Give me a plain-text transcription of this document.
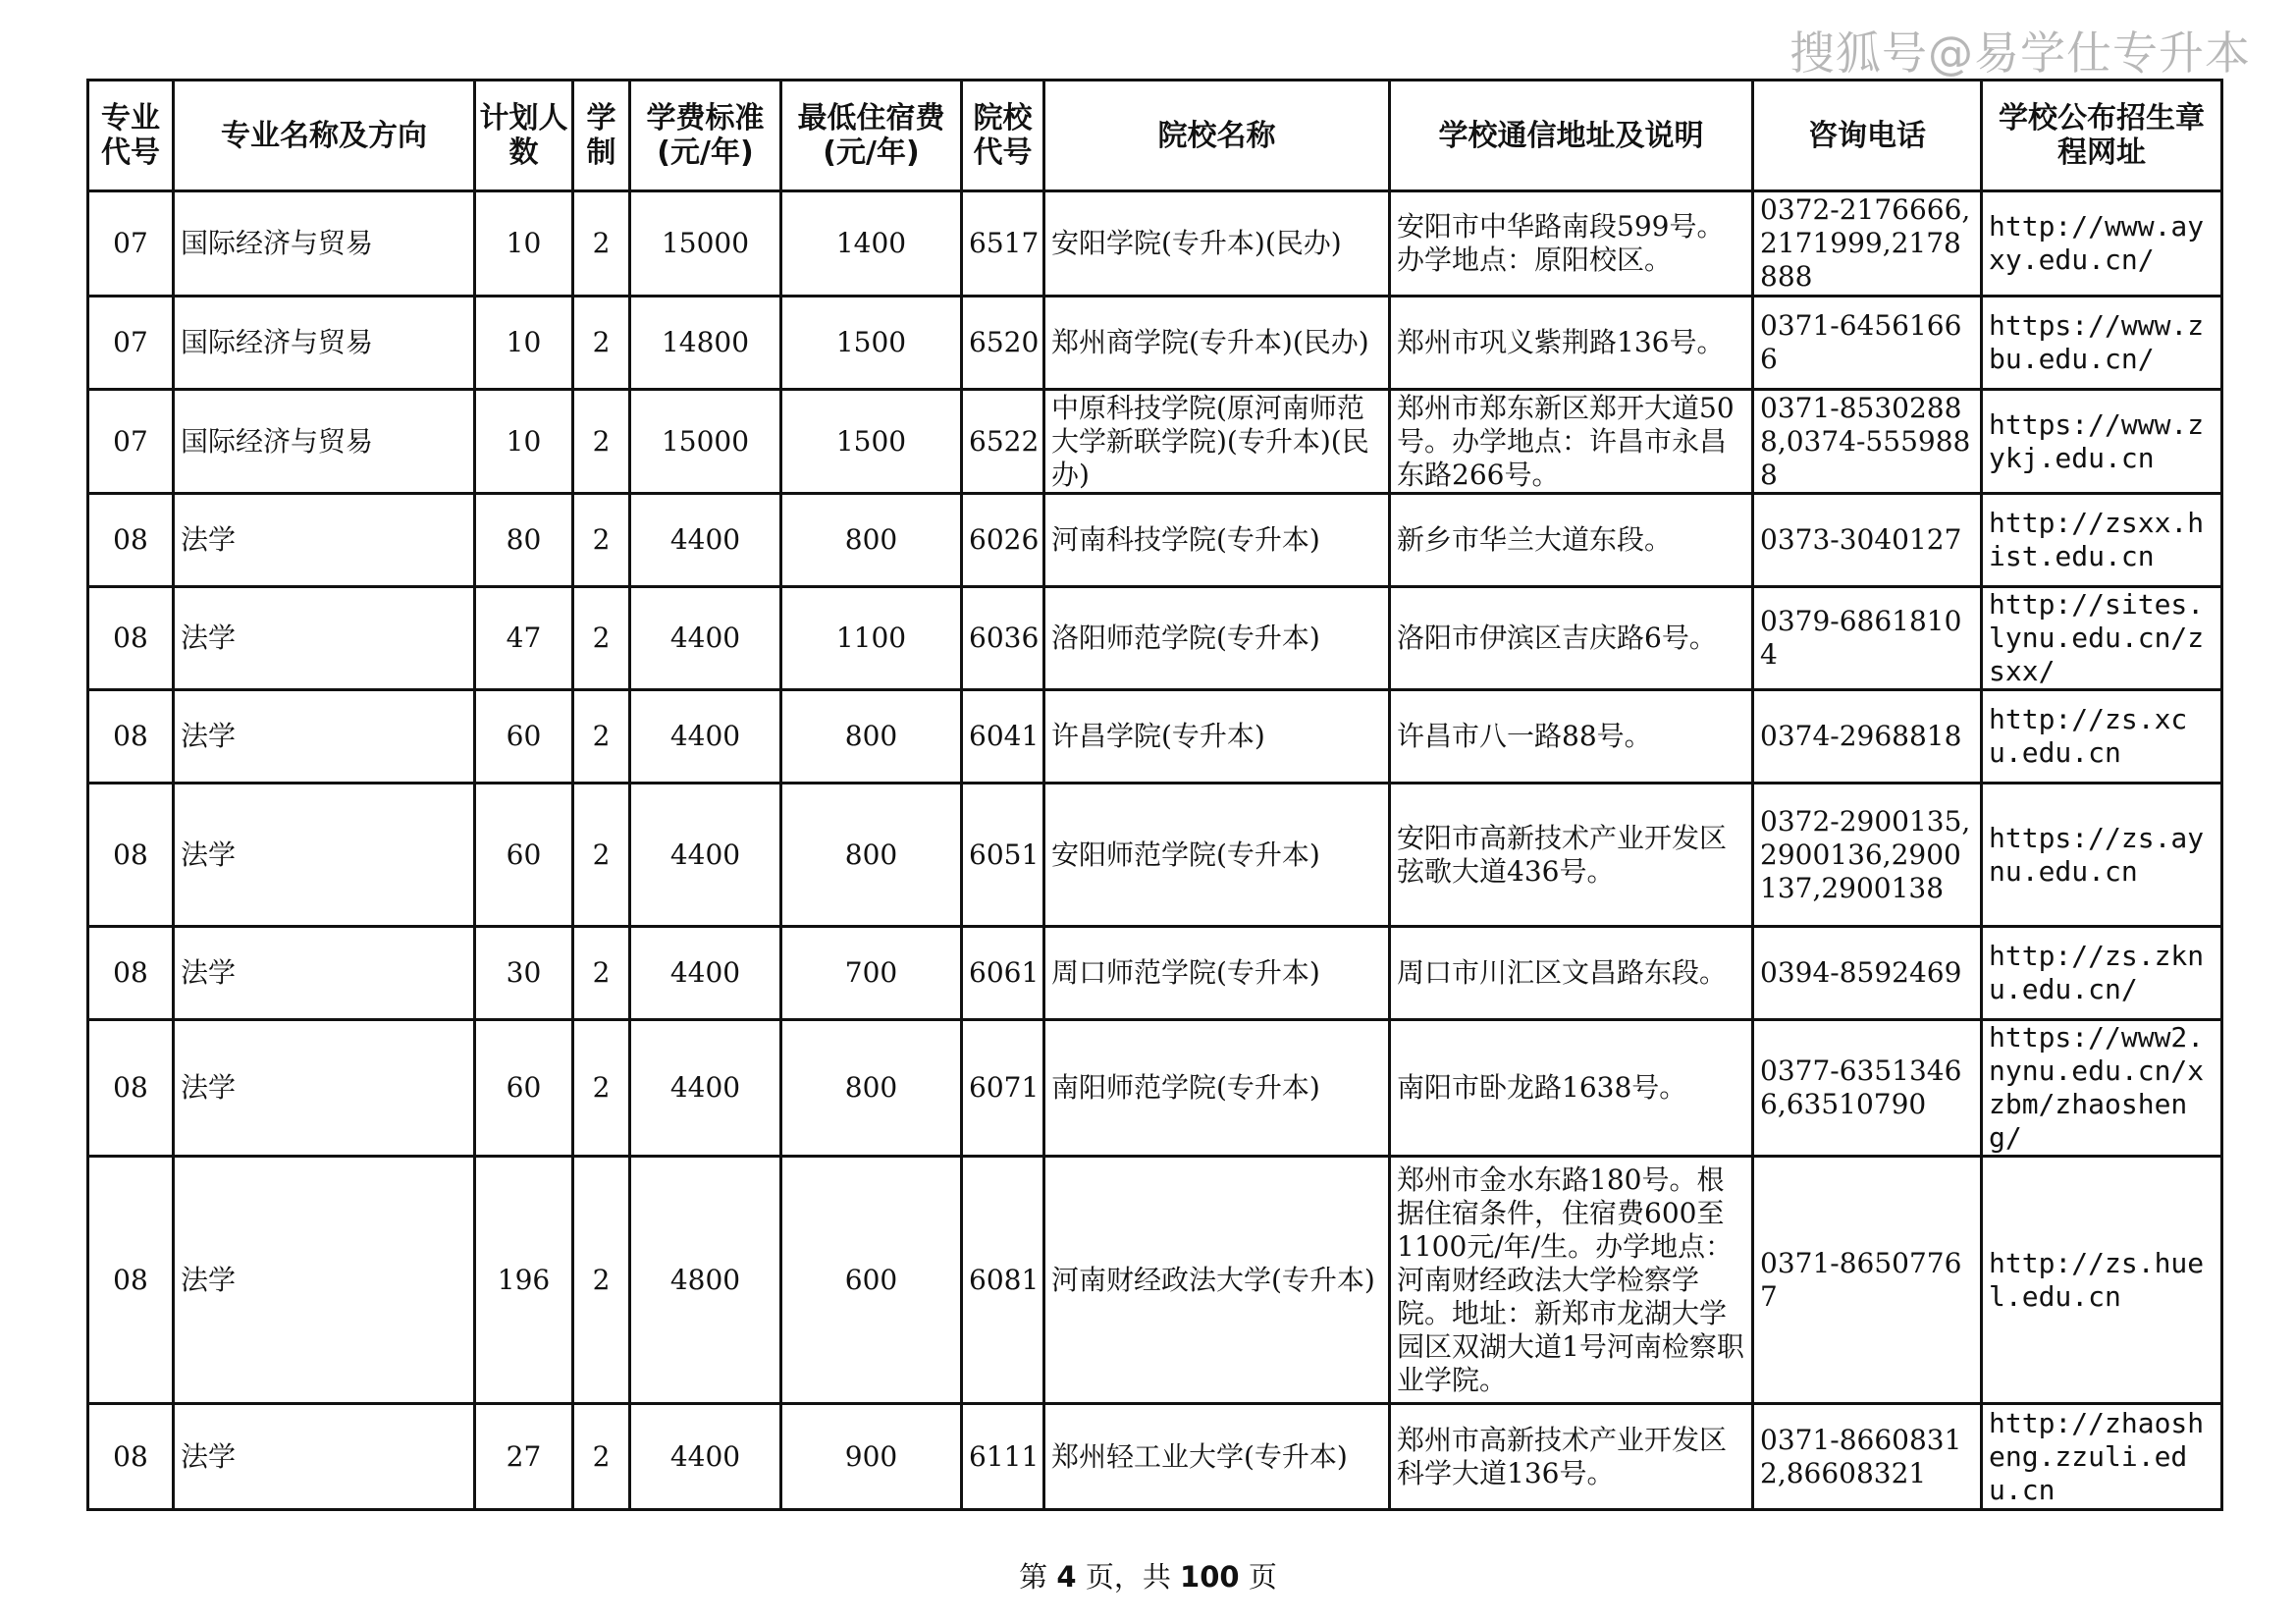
搜狐号@易学仕专升本
专业代号	专业名称及方向	计划人数	学制	学费标准(元/年)	最低住宿费(元/年)	院校代号	院校名称	学校通信地址及说明	咨询电话	学校公布招生章程网址
07	国际经济与贸易	10	2	15000	1400	6517	安阳学院(专升本)(民办)	安阳市中华路南段599号。办学地点：原阳校区。	0372-2176666,2171999,2178888	http://www.ayxy.edu.cn/
07	国际经济与贸易	10	2	14800	1500	6520	郑州商学院(专升本)(民办)	郑州市巩义紫荆路136号。	0371-64561666	https://www.zbu.edu.cn/
07	国际经济与贸易	10	2	15000	1500	6522	中原科技学院(原河南师范大学新联学院)(专升本)(民办)	郑州市郑东新区郑开大道50号。办学地点：许昌市永昌东路266号。	0371-85302888,0374-5559888	https://www.zykj.edu.cn
08	法学	80	2	4400	800	6026	河南科技学院(专升本)	新乡市华兰大道东段。	0373-3040127	http://zsxx.hist.edu.cn
08	法学	47	2	4400	1100	6036	洛阳师范学院(专升本)	洛阳市伊滨区吉庆路6号。	0379-68618104	http://sites.lynu.edu.cn/zsxx/
08	法学	60	2	4400	800	6041	许昌学院(专升本)	许昌市八一路88号。	0374-2968818	http://zs.xcu.edu.cn
08	法学	60	2	4400	800	6051	安阳师范学院(专升本)	安阳市高新技术产业开发区弦歌大道436号。	0372-2900135,2900136,2900137,2900138	https://zs.aynu.edu.cn
08	法学	30	2	4400	700	6061	周口师范学院(专升本)	周口市川汇区文昌路东段。	0394-8592469	http://zs.zknu.edu.cn/
08	法学	60	2	4400	800	6071	南阳师范学院(专升本)	南阳市卧龙路1638号。	0377-63513466,63510790	https://www2.nynu.edu.cn/xzbm/zhaosheng/
08	法学	196	2	4800	600	6081	河南财经政法大学(专升本)	郑州市金水东路180号。根据住宿条件，住宿费600至1100元/年/生。办学地点：河南财经政法大学检察学院。地址：新郑市龙湖大学园区双湖大道1号河南检察职业学院。	0371-86507767	http://zs.huel.edu.cn
08	法学	27	2	4400	900	6111	郑州轻工业大学(专升本)	郑州市高新技术产业开发区科学大道136号。	0371-86608312,86608321	http://zhaosheng.zzuli.edu.cn
第 4 页，共 100 页
